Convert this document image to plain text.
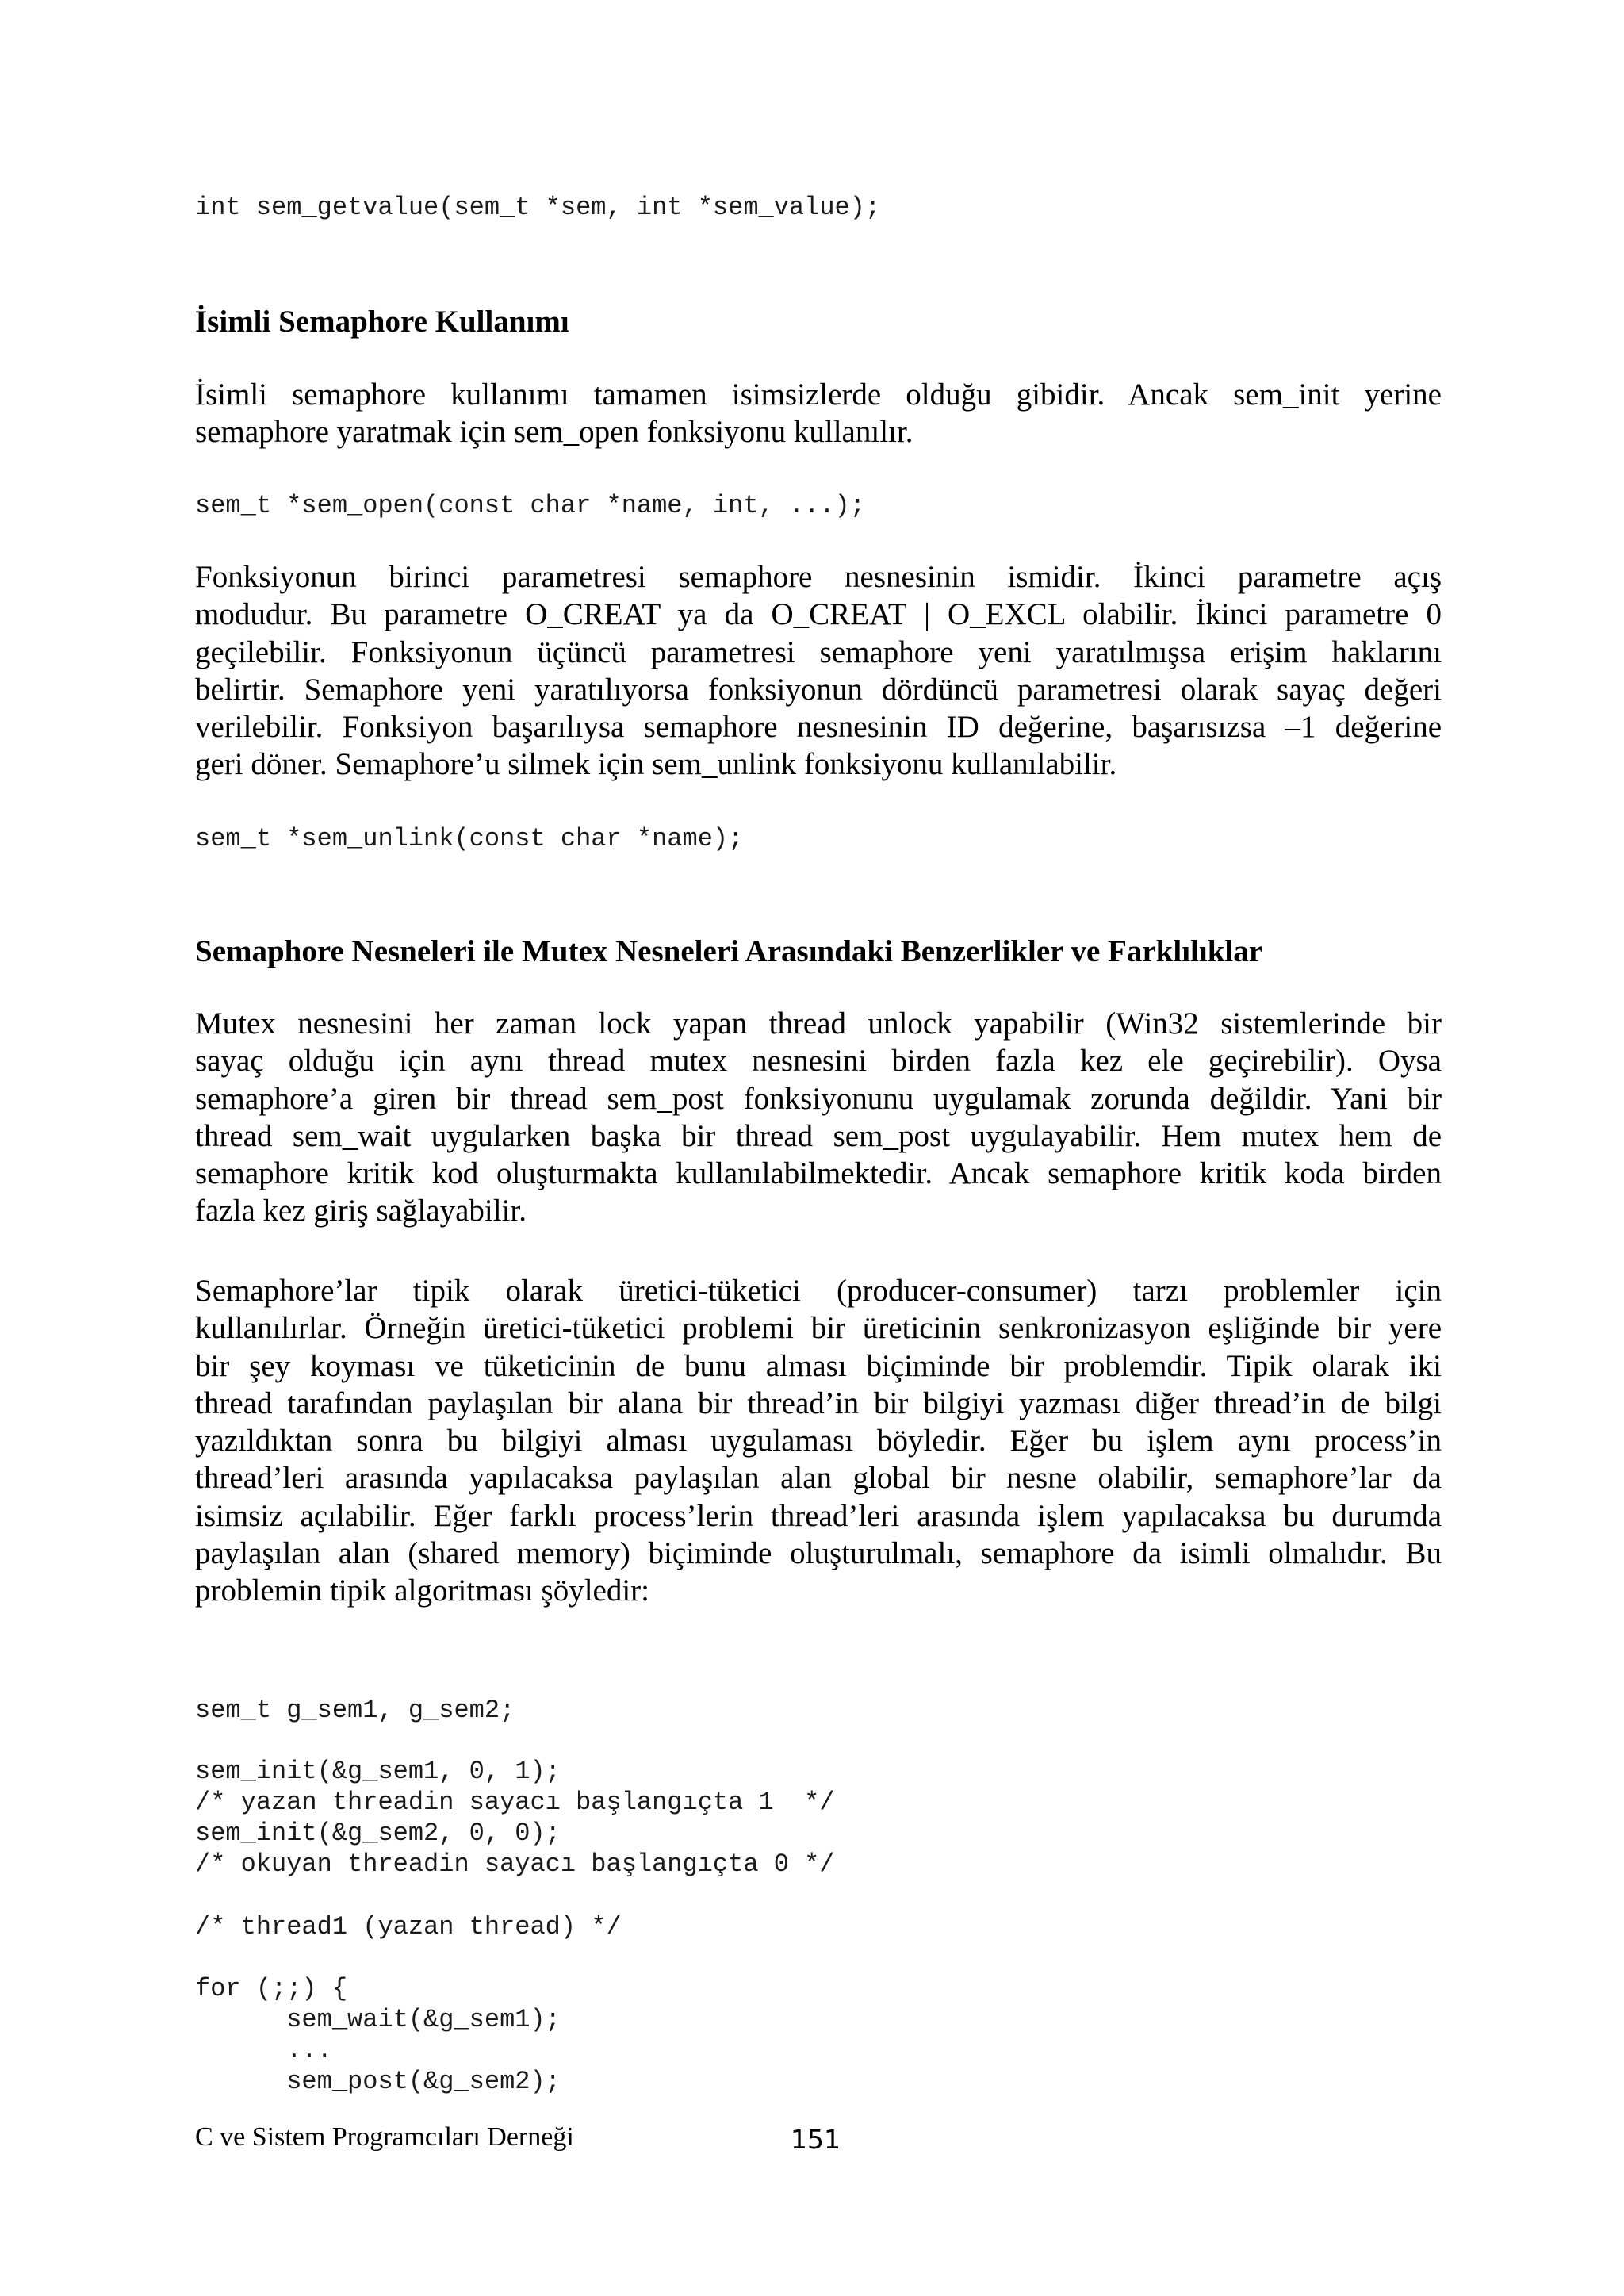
int sem_getvalue(sem_t *sem, int *sem_value);
İsimli Semaphore Kullanımı
İsimli semaphore kullanımı tamamen isimsizlerde olduğu gibidir. Ancak sem_init yerine
semaphore yaratmak için sem_open fonksiyonu kullanılır.
sem_t *sem_open(const char *name, int, ...);
Fonksiyonun birinci parametresi semaphore nesnesinin ismidir. İkinci parametre açış
modudur. Bu parametre O_CREAT ya da O_CREAT | O_EXCL olabilir. İkinci parametre 0
geçilebilir. Fonksiyonun üçüncü parametresi semaphore yeni yaratılmışsa erişim haklarını
belirtir. Semaphore yeni yaratılıyorsa fonksiyonun dördüncü parametresi olarak sayaç değeri
verilebilir. Fonksiyon başarılıysa semaphore nesnesinin ID değerine, başarısızsa –1 değerine
geri döner. Semaphore’u silmek için sem_unlink fonksiyonu kullanılabilir.
sem_t *sem_unlink(const char *name);
Semaphore Nesneleri ile Mutex Nesneleri Arasındaki Benzerlikler ve Farklılıklar
Mutex nesnesini her zaman lock yapan thread unlock yapabilir (Win32 sistemlerinde bir
sayaç olduğu için aynı thread mutex nesnesini birden fazla kez ele geçirebilir). Oysa
semaphore’a giren bir thread sem_post fonksiyonunu uygulamak zorunda değildir. Yani bir
thread sem_wait uygularken başka bir thread sem_post uygulayabilir. Hem mutex hem de
semaphore kritik kod oluşturmakta kullanılabilmektedir. Ancak semaphore kritik koda birden
fazla kez giriş sağlayabilir.
Semaphore’lar tipik olarak üretici-tüketici (producer-consumer) tarzı problemler için
kullanılırlar. Örneğin üretici-tüketici problemi bir üreticinin senkronizasyon eşliğinde bir yere
bir şey koyması ve tüketicinin de bunu alması biçiminde bir problemdir. Tipik olarak iki
thread tarafından paylaşılan bir alana bir thread’in bir bilgiyi yazması diğer thread’in de bilgi
yazıldıktan sonra bu bilgiyi alması uygulaması böyledir. Eğer bu işlem aynı process’in
thread’leri arasında yapılacaksa paylaşılan alan global bir nesne olabilir, semaphore’lar da
isimsiz açılabilir. Eğer farklı process’lerin thread’leri arasında işlem yapılacaksa bu durumda
paylaşılan alan (shared memory) biçiminde oluşturulmalı, semaphore da isimli olmalıdır. Bu
problemin tipik algoritması şöyledir:
sem_t g_sem1, g_sem2;
sem_init(&g_sem1, 0, 1);
/* yazan threadin sayacı başlangıçta 1  */
sem_init(&g_sem2, 0, 0);
/* okuyan threadin sayacı başlangıçta 0 */
/* thread1 (yazan thread) */
for (;;) {
sem_wait(&g_sem1);
...
sem_post(&g_sem2);
C ve Sistem Programcıları Derneği	151
